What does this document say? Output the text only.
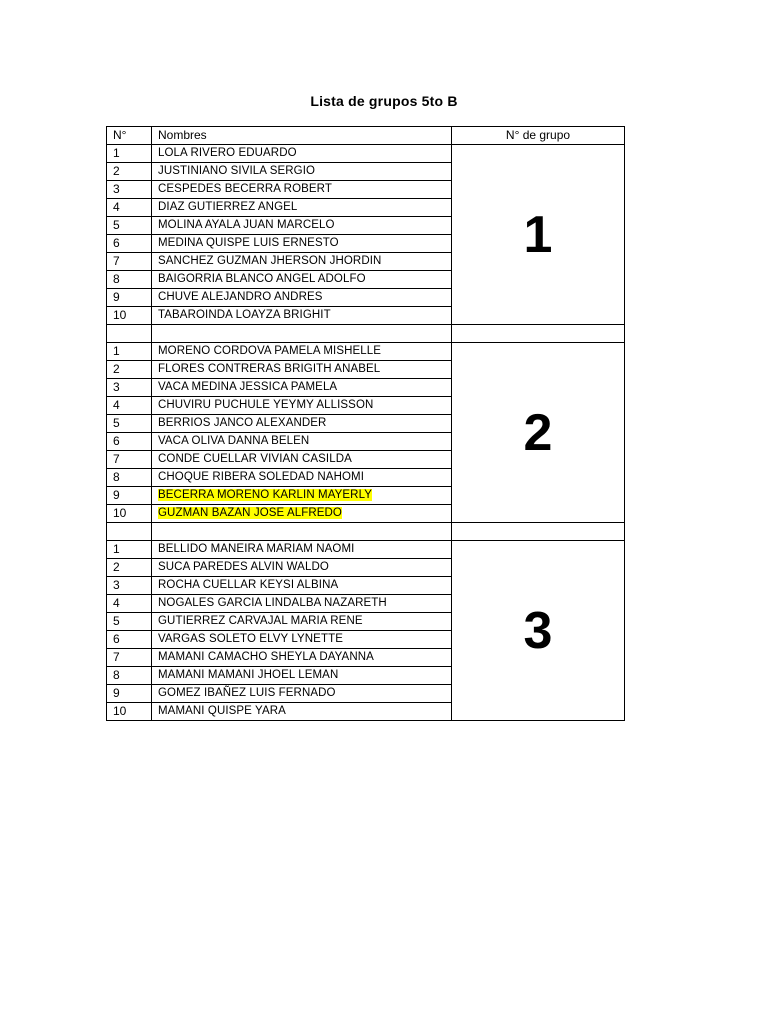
Lista de grupos 5to B
N°	Nombres	N° de grupo
1	LOLA RIVERO EDUARDO	1
2	JUSTINIANO SIVILA SERGIO	
3	CESPEDES BECERRA ROBERT	
4	DIAZ GUTIERREZ ANGEL	
5	MOLINA AYALA JUAN MARCELO	
6	MEDINA QUISPE LUIS ERNESTO	
7	SANCHEZ GUZMAN JHERSON JHORDIN	
8	BAIGORRIA BLANCO ANGEL ADOLFO	
9	CHUVE ALEJANDRO ANDRES	
10	TABAROINDA LOAYZA BRIGHIT	

1	MORENO CORDOVA PAMELA MISHELLE	2
2	FLORES CONTRERAS BRIGITH ANABEL	
3	VACA MEDINA JESSICA PAMELA	
4	CHUVIRU PUCHULE YEYMY ALLISSON	
5	BERRIOS JANCO ALEXANDER	
6	VACA OLIVA DANNA BELEN	
7	CONDE CUELLAR VIVIAN CASILDA	
8	CHOQUE RIBERA SOLEDAD NAHOMI	
9	BECERRA MORENO KARLIN MAYERLY	
10	GUZMAN BAZAN JOSE ALFREDO	

1	BELLIDO MANEIRA MARIAM NAOMI	3
2	SUCA PAREDES ALVIN WALDO	
3	ROCHA CUELLAR KEYSI ALBINA	
4	NOGALES GARCIA LINDALBA NAZARETH	
5	GUTIERREZ CARVAJAL MARIA RENE	
6	VARGAS SOLETO ELVY LYNETTE	
7	MAMANI CAMACHO SHEYLA DAYANNA	
8	MAMANI MAMANI JHOEL LEMAN	
9	GOMEZ IBAÑEZ LUIS FERNADO	
10	MAMANI QUISPE YARA	
